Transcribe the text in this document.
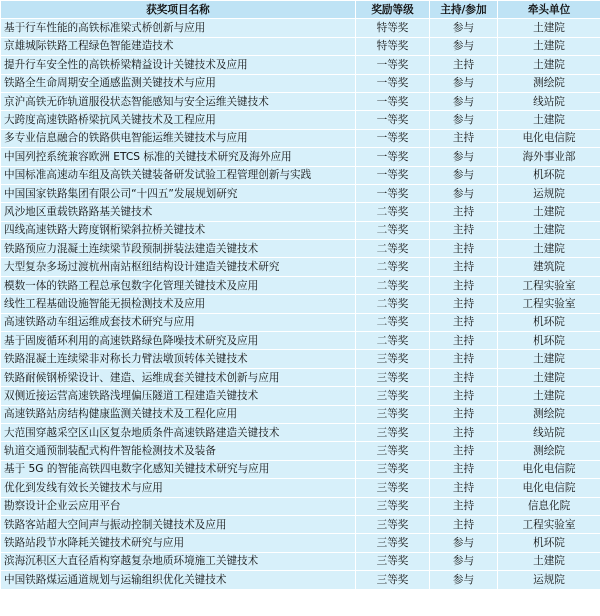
获奖项目名称	奖励等级	主持/参加	牵头单位
基于行车性能的高铁标准梁式桥创新与应用	特等奖	参与	土建院
京雄城际铁路工程绿色智能建造技术	特等奖	参与	土建院
提升行车安全性的高铁桥梁精益设计关键技术及应用	一等奖	主持	土建院
铁路全生命周期安全通感监测关键技术与应用	一等奖	参与	测绘院
京沪高铁无砟轨道服役状态智能感知与安全运维关键技术	一等奖	参与	线站院
大跨度高速铁路桥梁抗风关键技术及工程应用	一等奖	参与	土建院
多专业信息融合的铁路供电智能运维关键技术与应用	一等奖	主持	电化电信院
中国列控系统兼容欧洲 ETCS 标准的关键技术研究及海外应用	一等奖	参与	海外事业部
中国标准高速动车组及高铁关键装备研发试验工程管理创新与实践	一等奖	参与	机环院
中国国家铁路集团有限公司“十四五”发展规划研究	一等奖	参与	运规院
风沙地区重载铁路路基关键技术	二等奖	主持	土建院
四线高速铁路大跨度钢桁梁斜拉桥关键技术	二等奖	主持	土建院
铁路预应力混凝土连续梁节段预制拼装法建造关键技术	二等奖	主持	土建院
大型复杂多场过渡杭州南站枢纽结构设计建造关键技术研究	二等奖	主持	建筑院
模数一体的铁路工程总承包数字化管理关键技术及应用	二等奖	主持	工程实验室
线性工程基础设施智能无损检测技术及应用	二等奖	主持	工程实验室
高速铁路动车组运维成套技术研究与应用	二等奖	主持	机环院
基于固废循环利用的高速铁路绿色降噪技术研究及应用	二等奖	主持	机环院
铁路混凝土连续梁非对称长力臂法墩顶转体关键技术	三等奖	主持	土建院
铁路耐候钢桥梁设计、建造、运维成套关键技术创新与应用	三等奖	主持	土建院
双侧近接运营高速铁路浅埋偏压隧道工程建造关键技术	三等奖	主持	土建院
高速铁路站房结构健康监测关键技术及工程化应用	三等奖	主持	测绘院
大范围穿越采空区山区复杂地质条件高速铁路建造关键技术	三等奖	主持	线站院
轨道交通预制装配式构件智能检测技术及装备	三等奖	主持	测绘院
基于 5G 的智能高铁四电数字化感知关键技术研究与应用	三等奖	主持	电化电信院
优化到发线有效长关键技术与应用	三等奖	主持	电化电信院
勘察设计企业云应用平台	三等奖	主持	信息化院
铁路客站超大空间声与振动控制关键技术及应用	三等奖	主持	工程实验室
铁路站段节水降耗关键技术研究与应用	三等奖	参与	机环院
滨海沉积区大直径盾构穿越复杂地质环境施工关键技术	三等奖	参与	土建院
中国铁路煤运通道规划与运输组织优化关键技术	三等奖	参与	运规院
